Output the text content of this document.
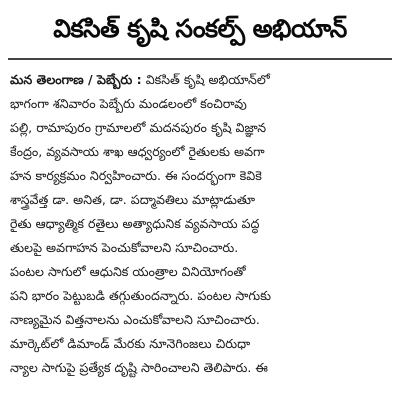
వికసిత్ కృషి సంకల్ప్ అభియాన్
మన తెలంగాణ / పెబ్బేరు : వికసిత్ కృషి అభియాన్‌లో
భాగంగా శనివారం పెబ్బేరు మండలంలో కంచిరావు
పల్లి, రామాపురం గ్రామాలలో మదనపురం కృషి విజ్ఞాన
కేంద్రం, వ్యవసాయ శాఖ ఆధ్వర్యంలో రైతులకు అవగా
హన కార్యక్రమం నిర్వహించారు. ఈ సందర్భంగా కెవికె
శాస్త్రవేత్త డా. అనిత, డా. పద్మావతిలు మాట్లాడుతూ
రైతు ఆధ్యాత్మిక రతైలు అత్యాధునిక వ్యవసాయ పద్ధ
తులపై అవగాహన పెంచుకోవాలని సూచించారు.
పంటల సాగులో ఆధునిక యంత్రాల వినియోగంతో
పని భారం పెట్టుబడి తగ్గుతుందన్నారు. పంటల సాగుకు
నాణ్యమైన విత్తనాలను ఎంచుకోవాలని సూచించారు.
మార్కెట్‌లో డిమాండ్ మేరకు నూనెగింజలు చిరుధా
న్యాల సాగుపై ప్రత్యేక దృష్టి సారించాలని తెలిపారు. ఈ
